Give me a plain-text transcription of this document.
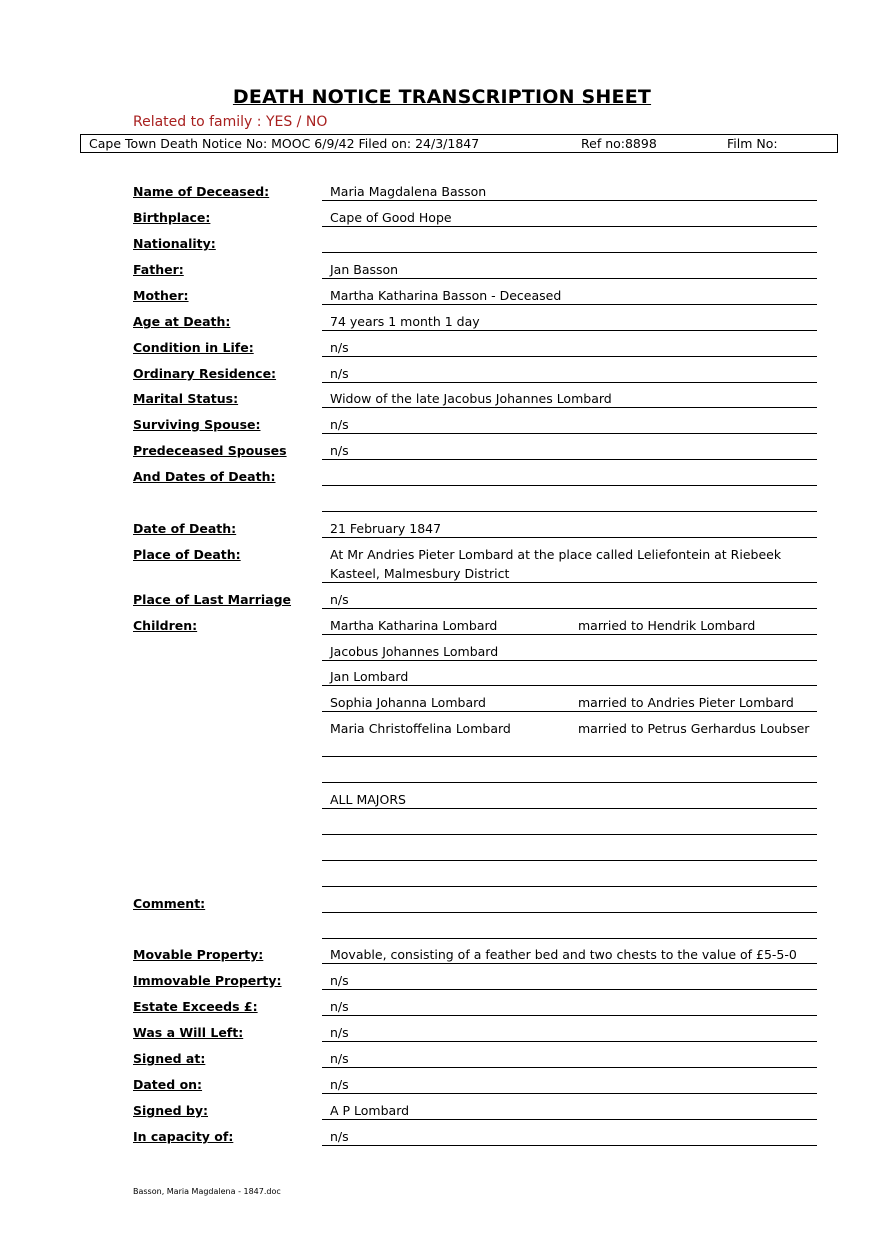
DEATH NOTICE TRANSCRIPTION SHEET
Related to family : YES / NO
Cape Town Death Notice No: MOOC 6/9/42 Filed on: 24/3/1847	Ref no:8898	Film No:
Name of Deceased:	Maria Magdalena Basson
Birthplace:	Cape of Good Hope
Nationality:
Father:	Jan Basson
Mother:	Martha Katharina Basson - Deceased
Age at Death:	74 years 1 month 1 day
Condition in Life:	n/s
Ordinary Residence:	n/s
Marital Status:	Widow of the late Jacobus Johannes Lombard
Surviving Spouse:	n/s
Predeceased Spouses	n/s
And Dates of Death:
Date of Death:	21 February 1847
Place of Death:	At Mr Andries Pieter Lombard at the place called Leliefontein at Riebeek Kasteel, Malmesbury District
Place of Last Marriage	n/s
Children:	Martha Katharina Lombard	married to Hendrik Lombard
Jacobus Johannes Lombard
Jan Lombard
Sophia Johanna Lombard	married to Andries Pieter Lombard
Maria Christoffelina Lombard	married to Petrus Gerhardus Loubser
ALL MAJORS
Comment:
Movable Property:	Movable, consisting of a feather bed and two chests to the value of £5-5-0
Immovable Property:	n/s
Estate Exceeds £:	n/s
Was a Will Left:	n/s
Signed at:	n/s
Dated on:	n/s
Signed by:	A P Lombard
In capacity of:	n/s
Basson, Maria Magdalena - 1847.doc
